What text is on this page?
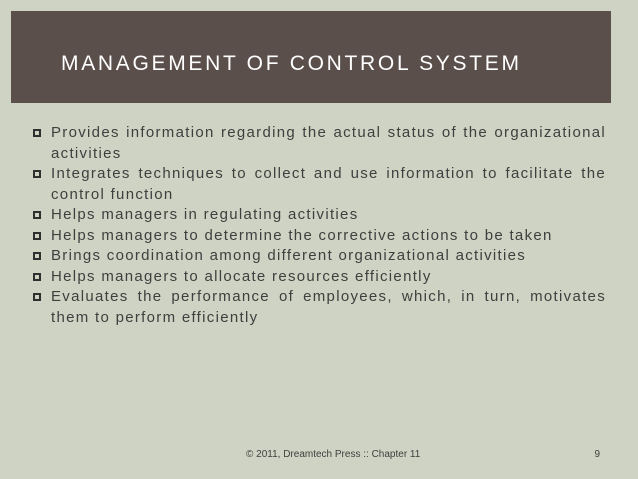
MANAGEMENT OF CONTROL SYSTEM
Provides information regarding the actual status of the organizational activities
Integrates techniques to collect and use information to facilitate the control function
Helps managers in regulating activities
Helps managers to determine the corrective actions to be taken
Brings coordination among different organizational activities
Helps managers to allocate resources efficiently
Evaluates the performance of employees, which, in turn, motivates them to perform efficiently
© 2011, Dreamtech Press :: Chapter 11	9
